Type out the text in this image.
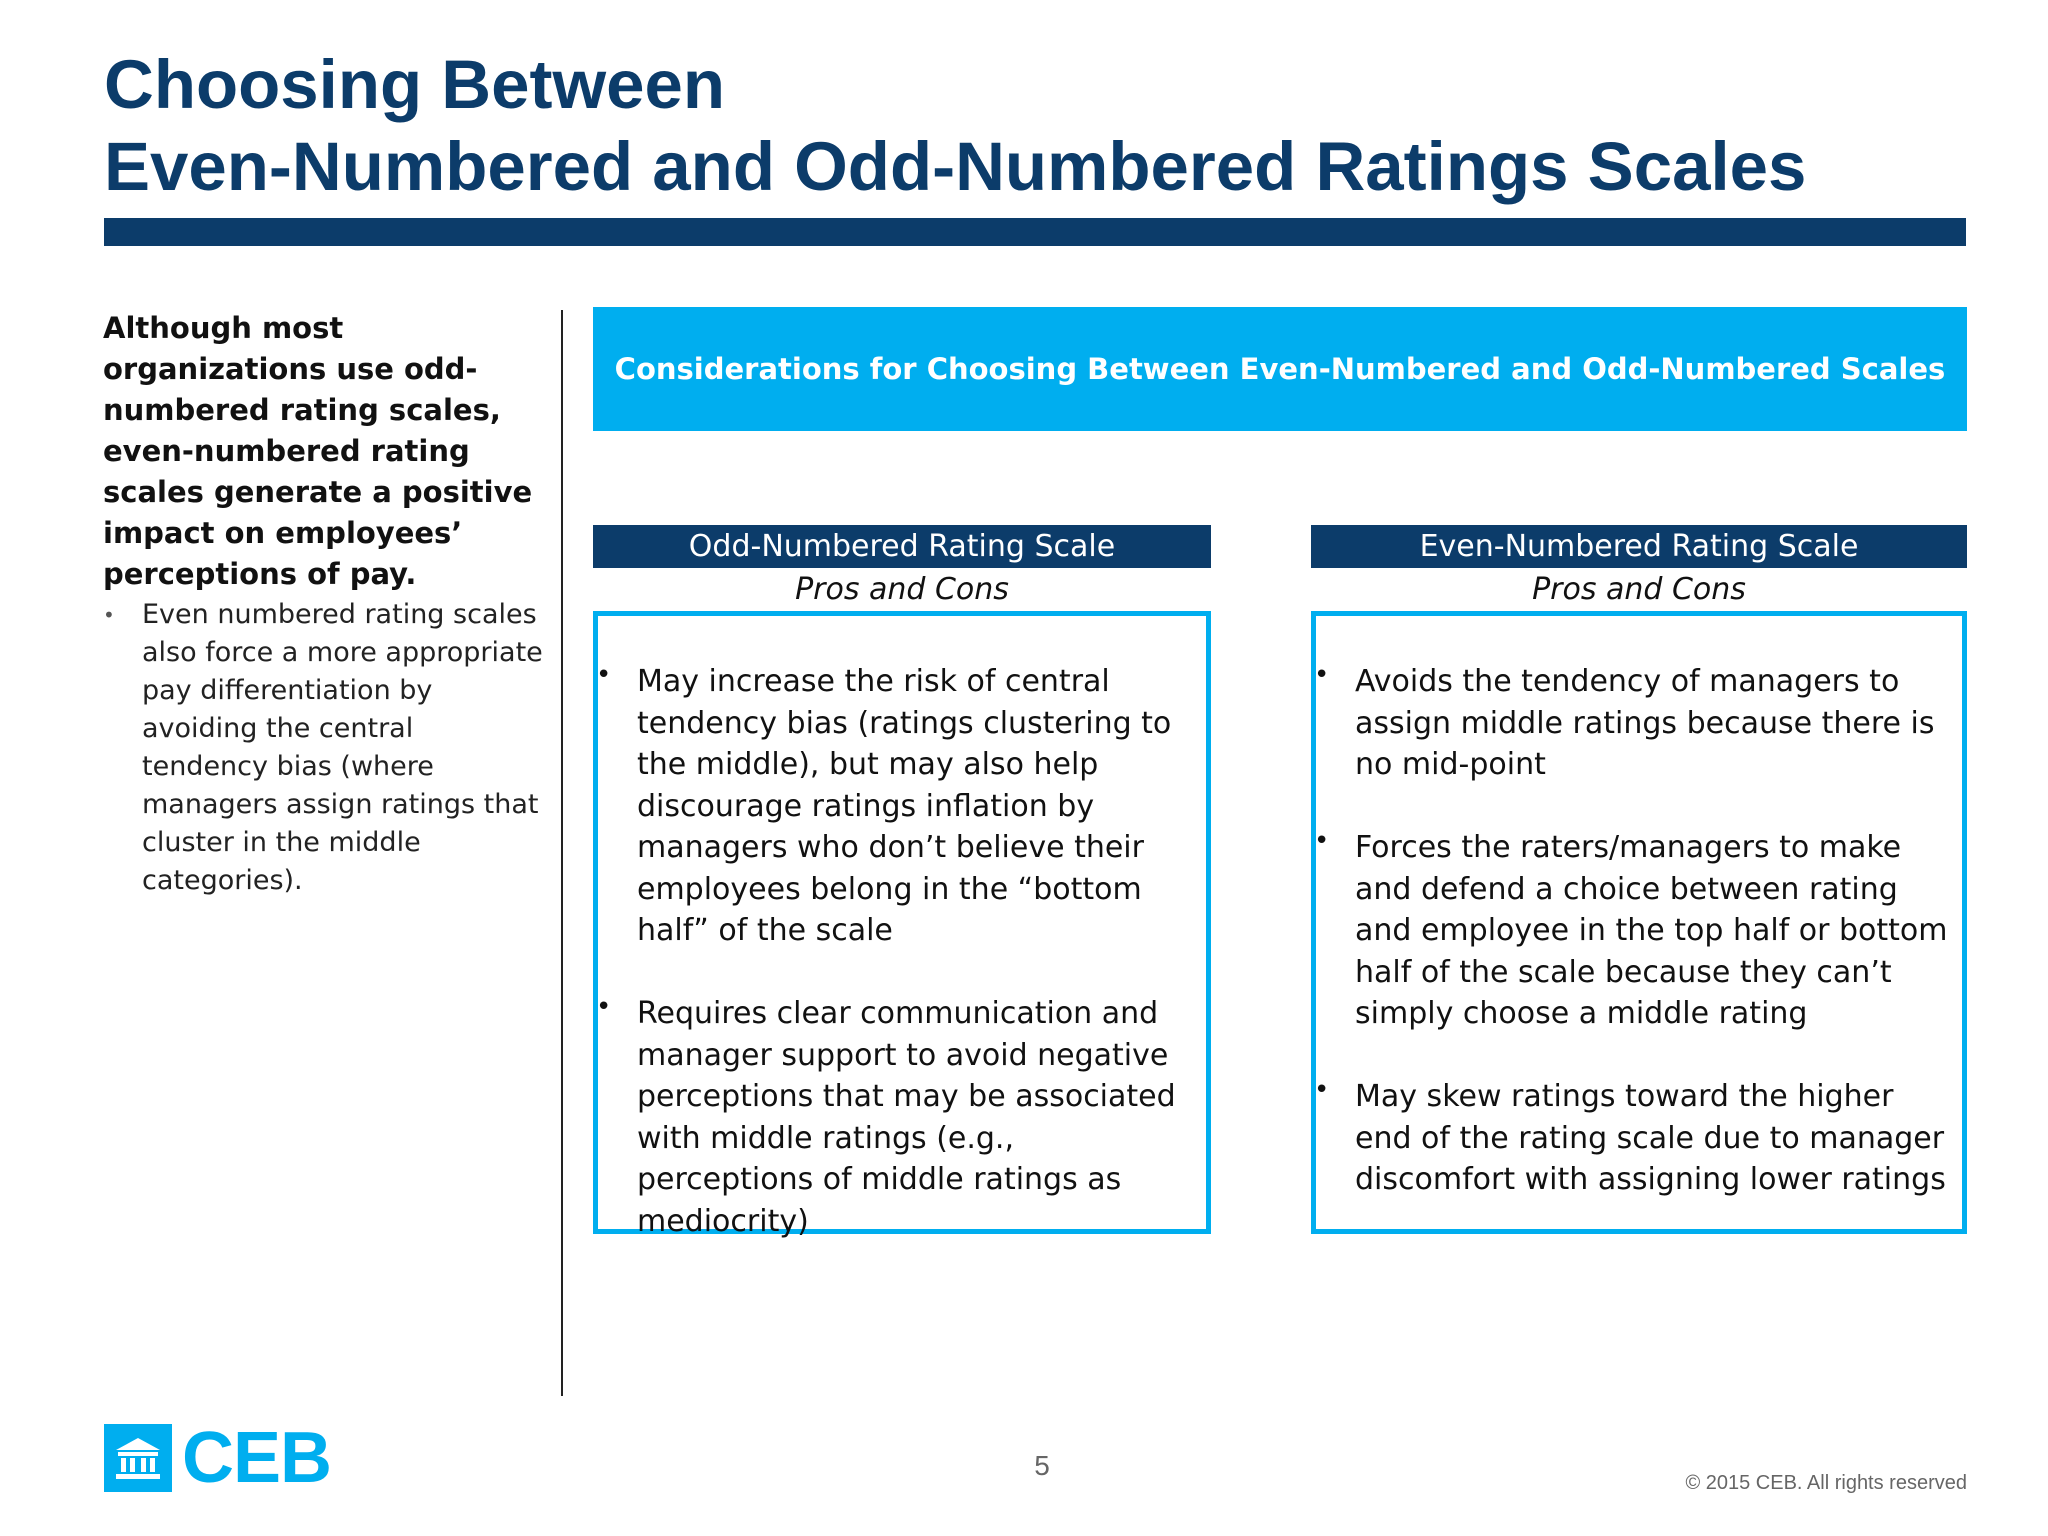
Choosing Between
Even-Numbered and Odd-Numbered Ratings Scales

Although most organizations use odd-numbered rating scales, even-numbered rating scales generate a positive impact on employees’ perceptions of pay.

•	Even numbered rating scales also force a more appropriate pay differentiation by avoiding the central tendency bias (where managers assign ratings that cluster in the middle categories).
Considerations for Choosing Between Even-Numbered and Odd-Numbered Scales
Odd-Numbered Rating Scale
Pros and Cons
• May increase the risk of central tendency bias (ratings clustering to the middle), but may also help discourage ratings inflation by managers who don’t believe their employees belong in the “bottom half” of the scale
• Requires clear communication and manager support to avoid negative perceptions that may be associated with middle ratings (e.g., perceptions of middle ratings as mediocrity)
Even-Numbered Rating Scale
Pros and Cons
• Avoids the tendency of managers to assign middle ratings because there is no mid-point
• Forces the raters/managers to make and defend a choice between rating and employee in the top half or bottom half of the scale because they can’t simply choose a middle rating
• May skew ratings toward the higher end of the rating scale due to manager discomfort with assigning lower ratings
CEB	5
© 2015 CEB. All rights reserved
